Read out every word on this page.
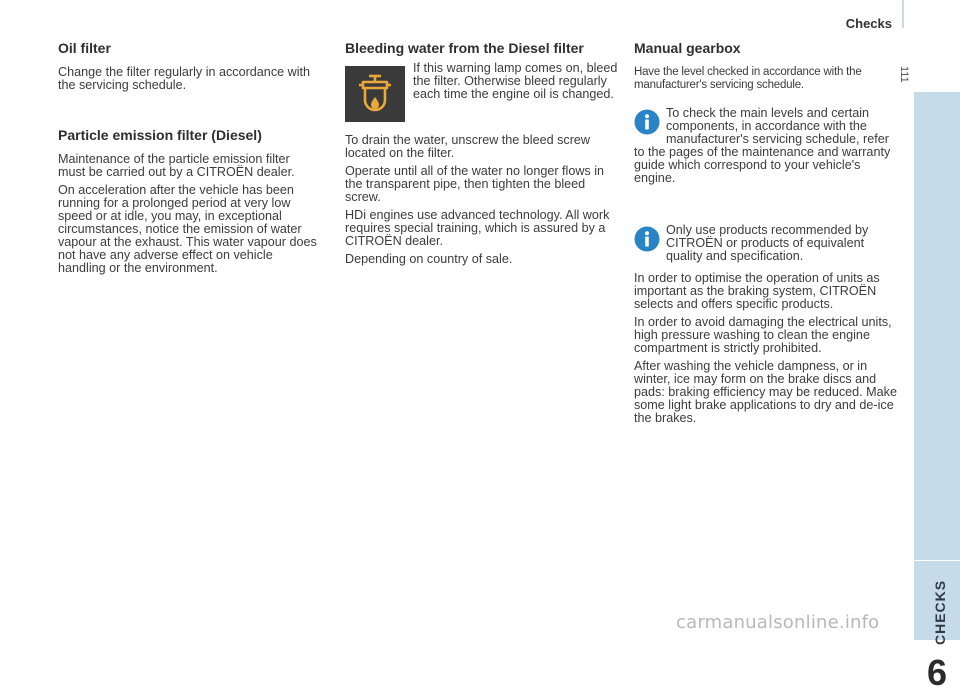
Checks
111
CHECKS
6
Oil filter

Change the filter regularly in accordance with the servicing schedule.

Particle emission filter (Diesel)

Maintenance of the particle emission filter must be carried out by a CITROËN dealer.

On acceleration after the vehicle has been running for a prolonged period at very low speed or at idle, you may, in exceptional circumstances, notice the emission of water vapour at the exhaust. This water vapour does not have any adverse effect on vehicle handling or the environment.

Bleeding water from the Diesel filter

If this warning lamp comes on, bleed the filter. Otherwise bleed regularly each time the engine oil is changed.

To drain the water, unscrew the bleed screw located on the filter.

Operate until all of the water no longer flows in the transparent pipe, then tighten the bleed screw.

HDi engines use advanced technology. All work requires special training, which is assured by a CITROËN dealer.

Depending on country of sale.

Manual gearbox

Have the level checked in accordance with the manufacturer's servicing schedule.

To check the main levels and certain components, in accordance with the manufacturer's servicing schedule, refer to the pages of the maintenance and warranty guide which correspond to your vehicle's engine.

Only use products recommended by CITROËN or products of equivalent quality and specification.

In order to optimise the operation of units as important as the braking system, CITROËN selects and offers specific products.

In order to avoid damaging the electrical units, high pressure washing to clean the engine compartment is strictly prohibited.

After washing the vehicle dampness, or in winter, ice may form on the brake discs and pads: braking efficiency may be reduced. Make some light brake applications to dry and de-ice the brakes.

carmanualsonline.info
